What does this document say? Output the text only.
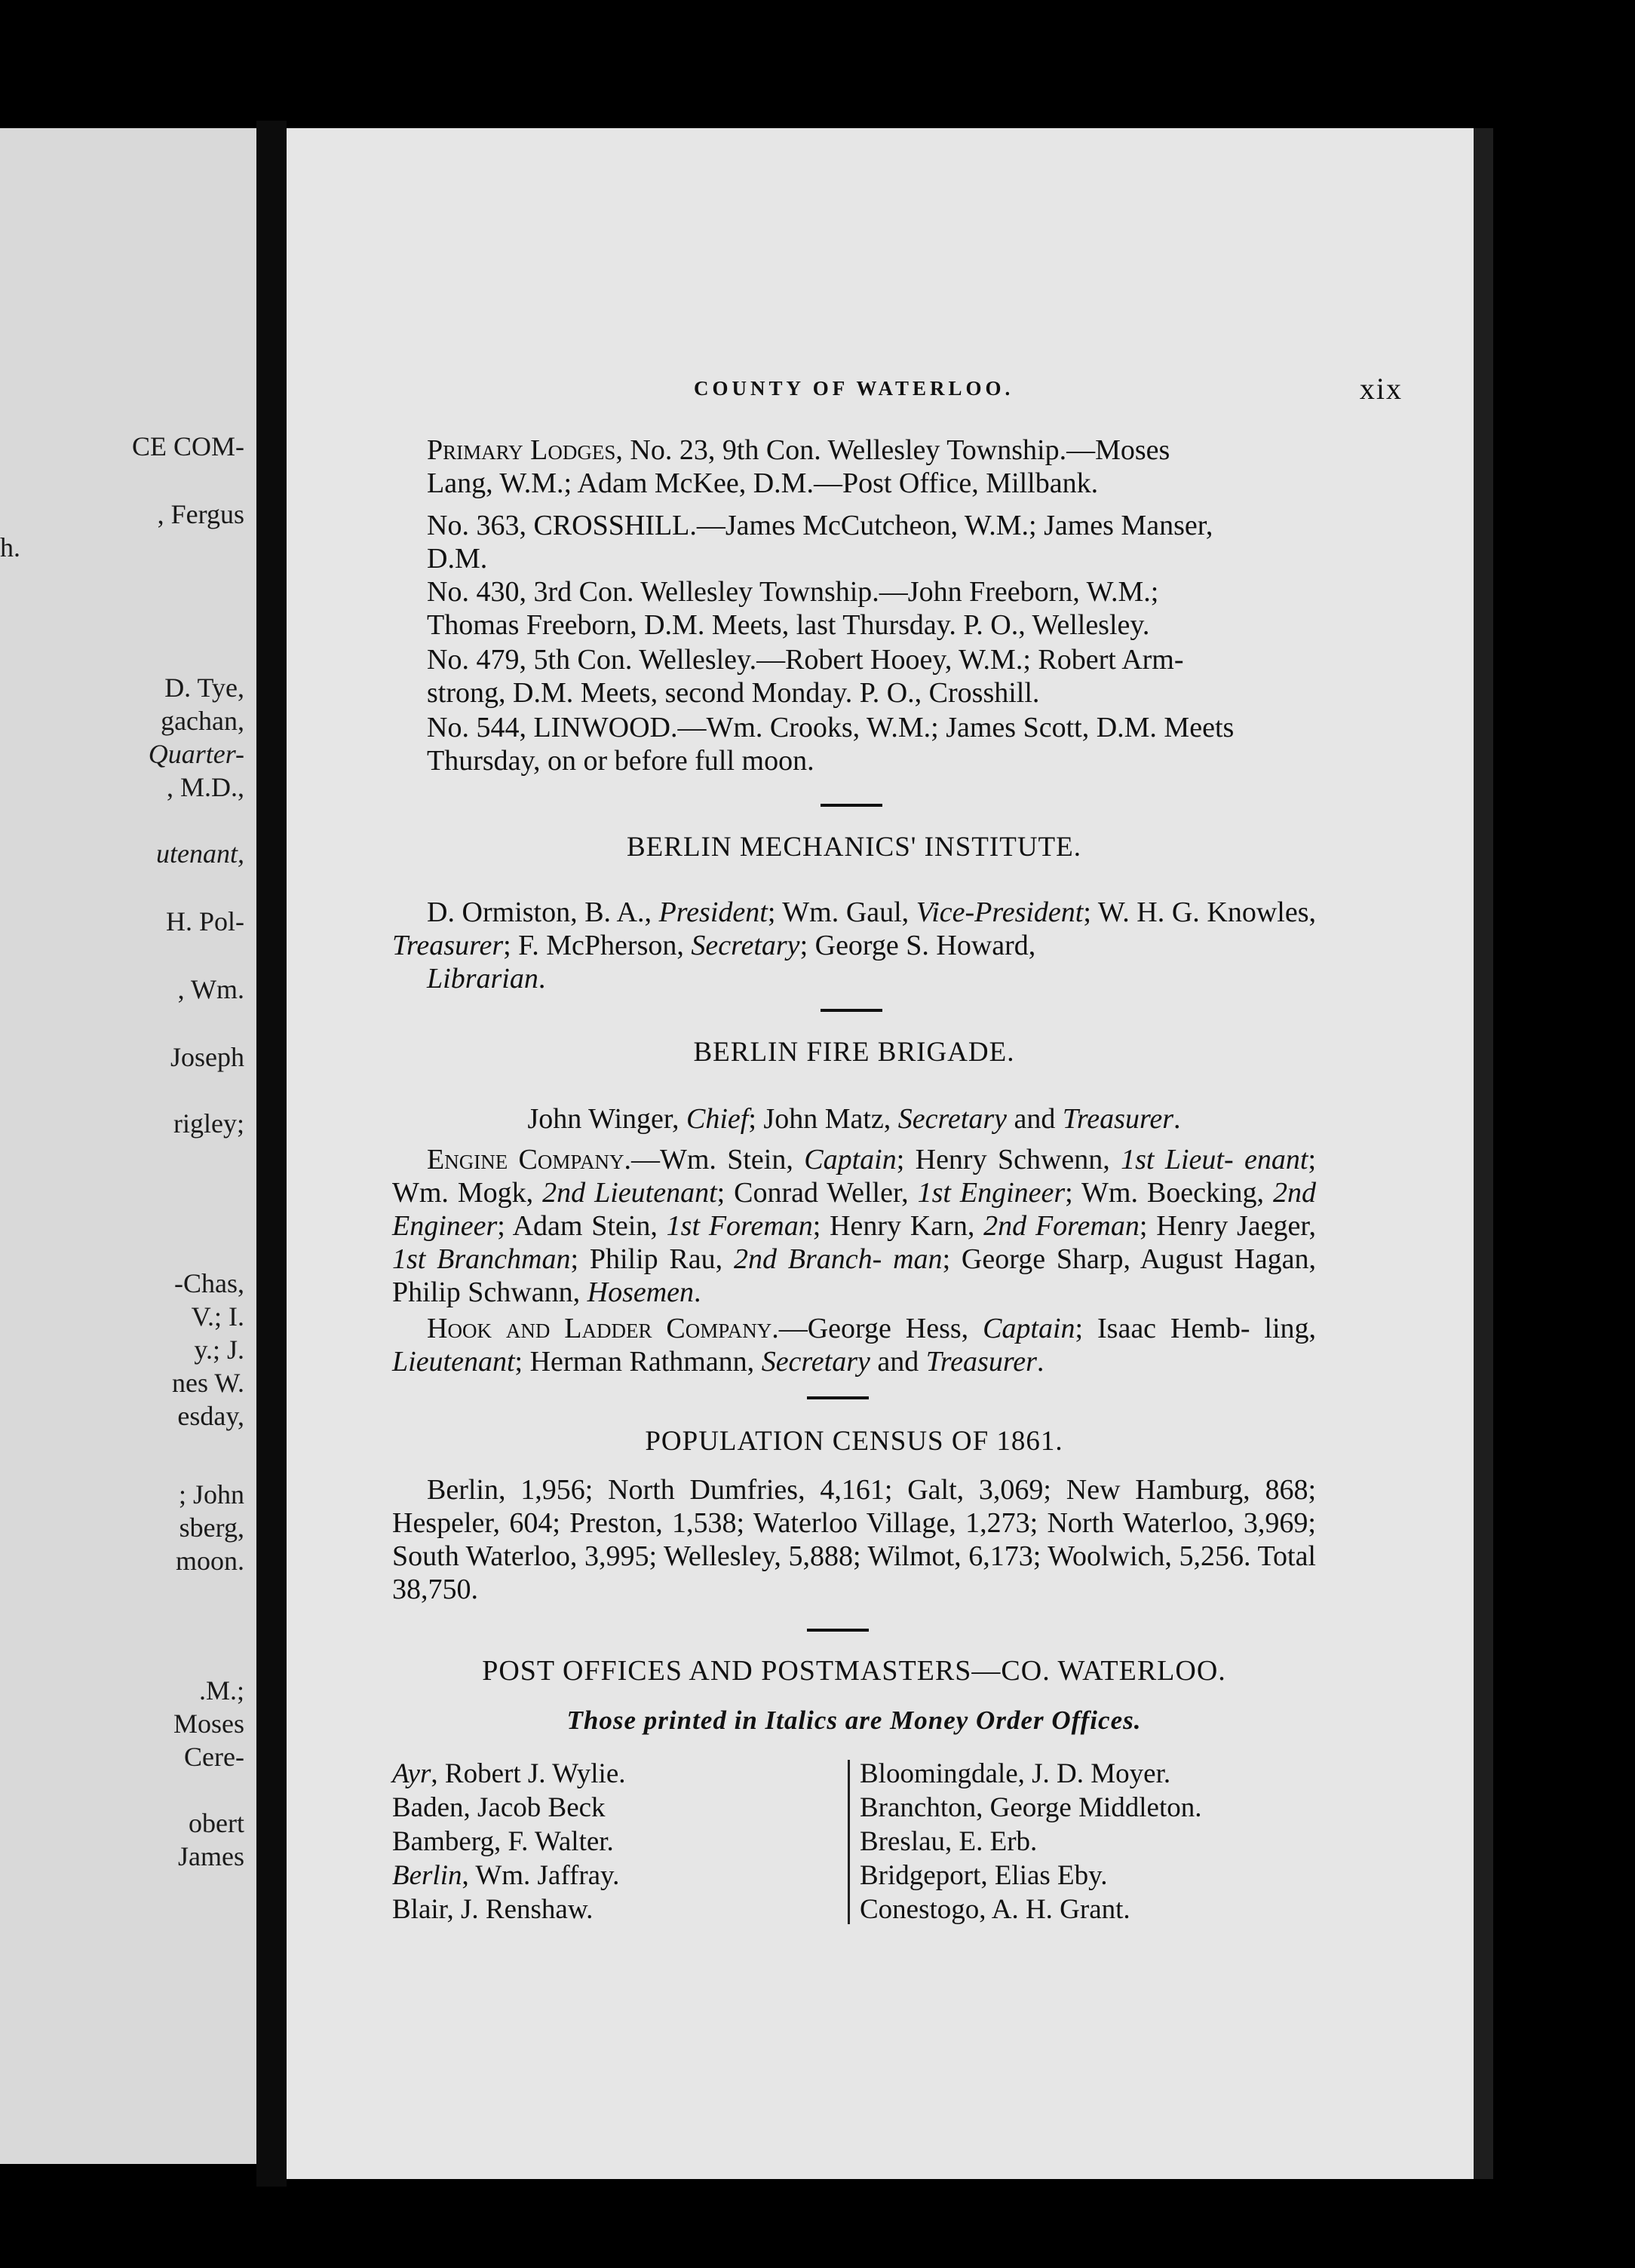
CE COM-
, Fergus
h.
D. Tye,
gachan,
Quarter-
, M.D.,
utenant,
H. Pol-
, Wm.
Joseph
rigley;
-Chas,
V.; I.
y.; J.
nes W.
esday,
; John
sberg,
moon.
.M.;
Moses
Cere-
obert
James
COUNTY OF WATERLOO.	xix

Primary Lodges, No. 23, 9th Con. Wellesley Township.—Moses
Lang, W.M.; Adam McKee, D.M.—Post Office, Millbank.

No. 363, CROSSHILL.—James McCutcheon, W.M.; James Manser,
D.M.

No. 430, 3rd Con. Wellesley Township.—John Freeborn, W.M.;
Thomas Freeborn, D.M. Meets, last Thursday. P. O., Wellesley.

No. 479, 5th Con. Wellesley.—Robert Hooey, W.M.; Robert Arm-
strong, D.M. Meets, second Monday. P. O., Crosshill.

No. 544, LINWOOD.—Wm. Crooks, W.M.; James Scott, D.M. Meets
Thursday, on or before full moon.

BERLIN MECHANICS' INSTITUTE.

D. Ormiston, B. A., President; Wm. Gaul, Vice-President; W. H. G. Knowles, Treasurer; F. McPherson, Secretary; George S. Howard,
Librarian.

BERLIN FIRE BRIGADE.

John Winger, Chief; John Matz, Secretary and Treasurer.

Engine Company.—Wm. Stein, Captain; Henry Schwenn, 1st Lieut- enant; Wm. Mogk, 2nd Lieutenant; Conrad Weller, 1st Engineer; Wm. Boecking, 2nd Engineer; Adam Stein, 1st Foreman; Henry Karn, 2nd Foreman; Henry Jaeger, 1st Branchman; Philip Rau, 2nd Branch- man; George Sharp, August Hagan, Philip Schwann, Hosemen.

Hook and Ladder Company.—George Hess, Captain; Isaac Hemb- ling, Lieutenant; Herman Rathmann, Secretary and Treasurer.

POPULATION CENSUS OF 1861.

Berlin, 1,956; North Dumfries, 4,161; Galt, 3,069; New Hamburg, 868; Hespeler, 604; Preston, 1,538; Waterloo Village, 1,273; North Waterloo, 3,969; South Waterloo, 3,995; Wellesley, 5,888; Wilmot, 6,173; Woolwich, 5,256. Total 38,750.

POST OFFICES AND POSTMASTERS—CO. WATERLOO.
Those printed in Italics are Money Order Offices.
Ayr, Robert J. Wylie.
Baden, Jacob Beck
Bamberg, F. Walter.
Berlin, Wm. Jaffray.
Blair, J. Renshaw.
Bloomingdale, J. D. Moyer.
Branchton, George Middleton.
Breslau, E. Erb.
Bridgeport, Elias Eby.
Conestogo, A. H. Grant.
